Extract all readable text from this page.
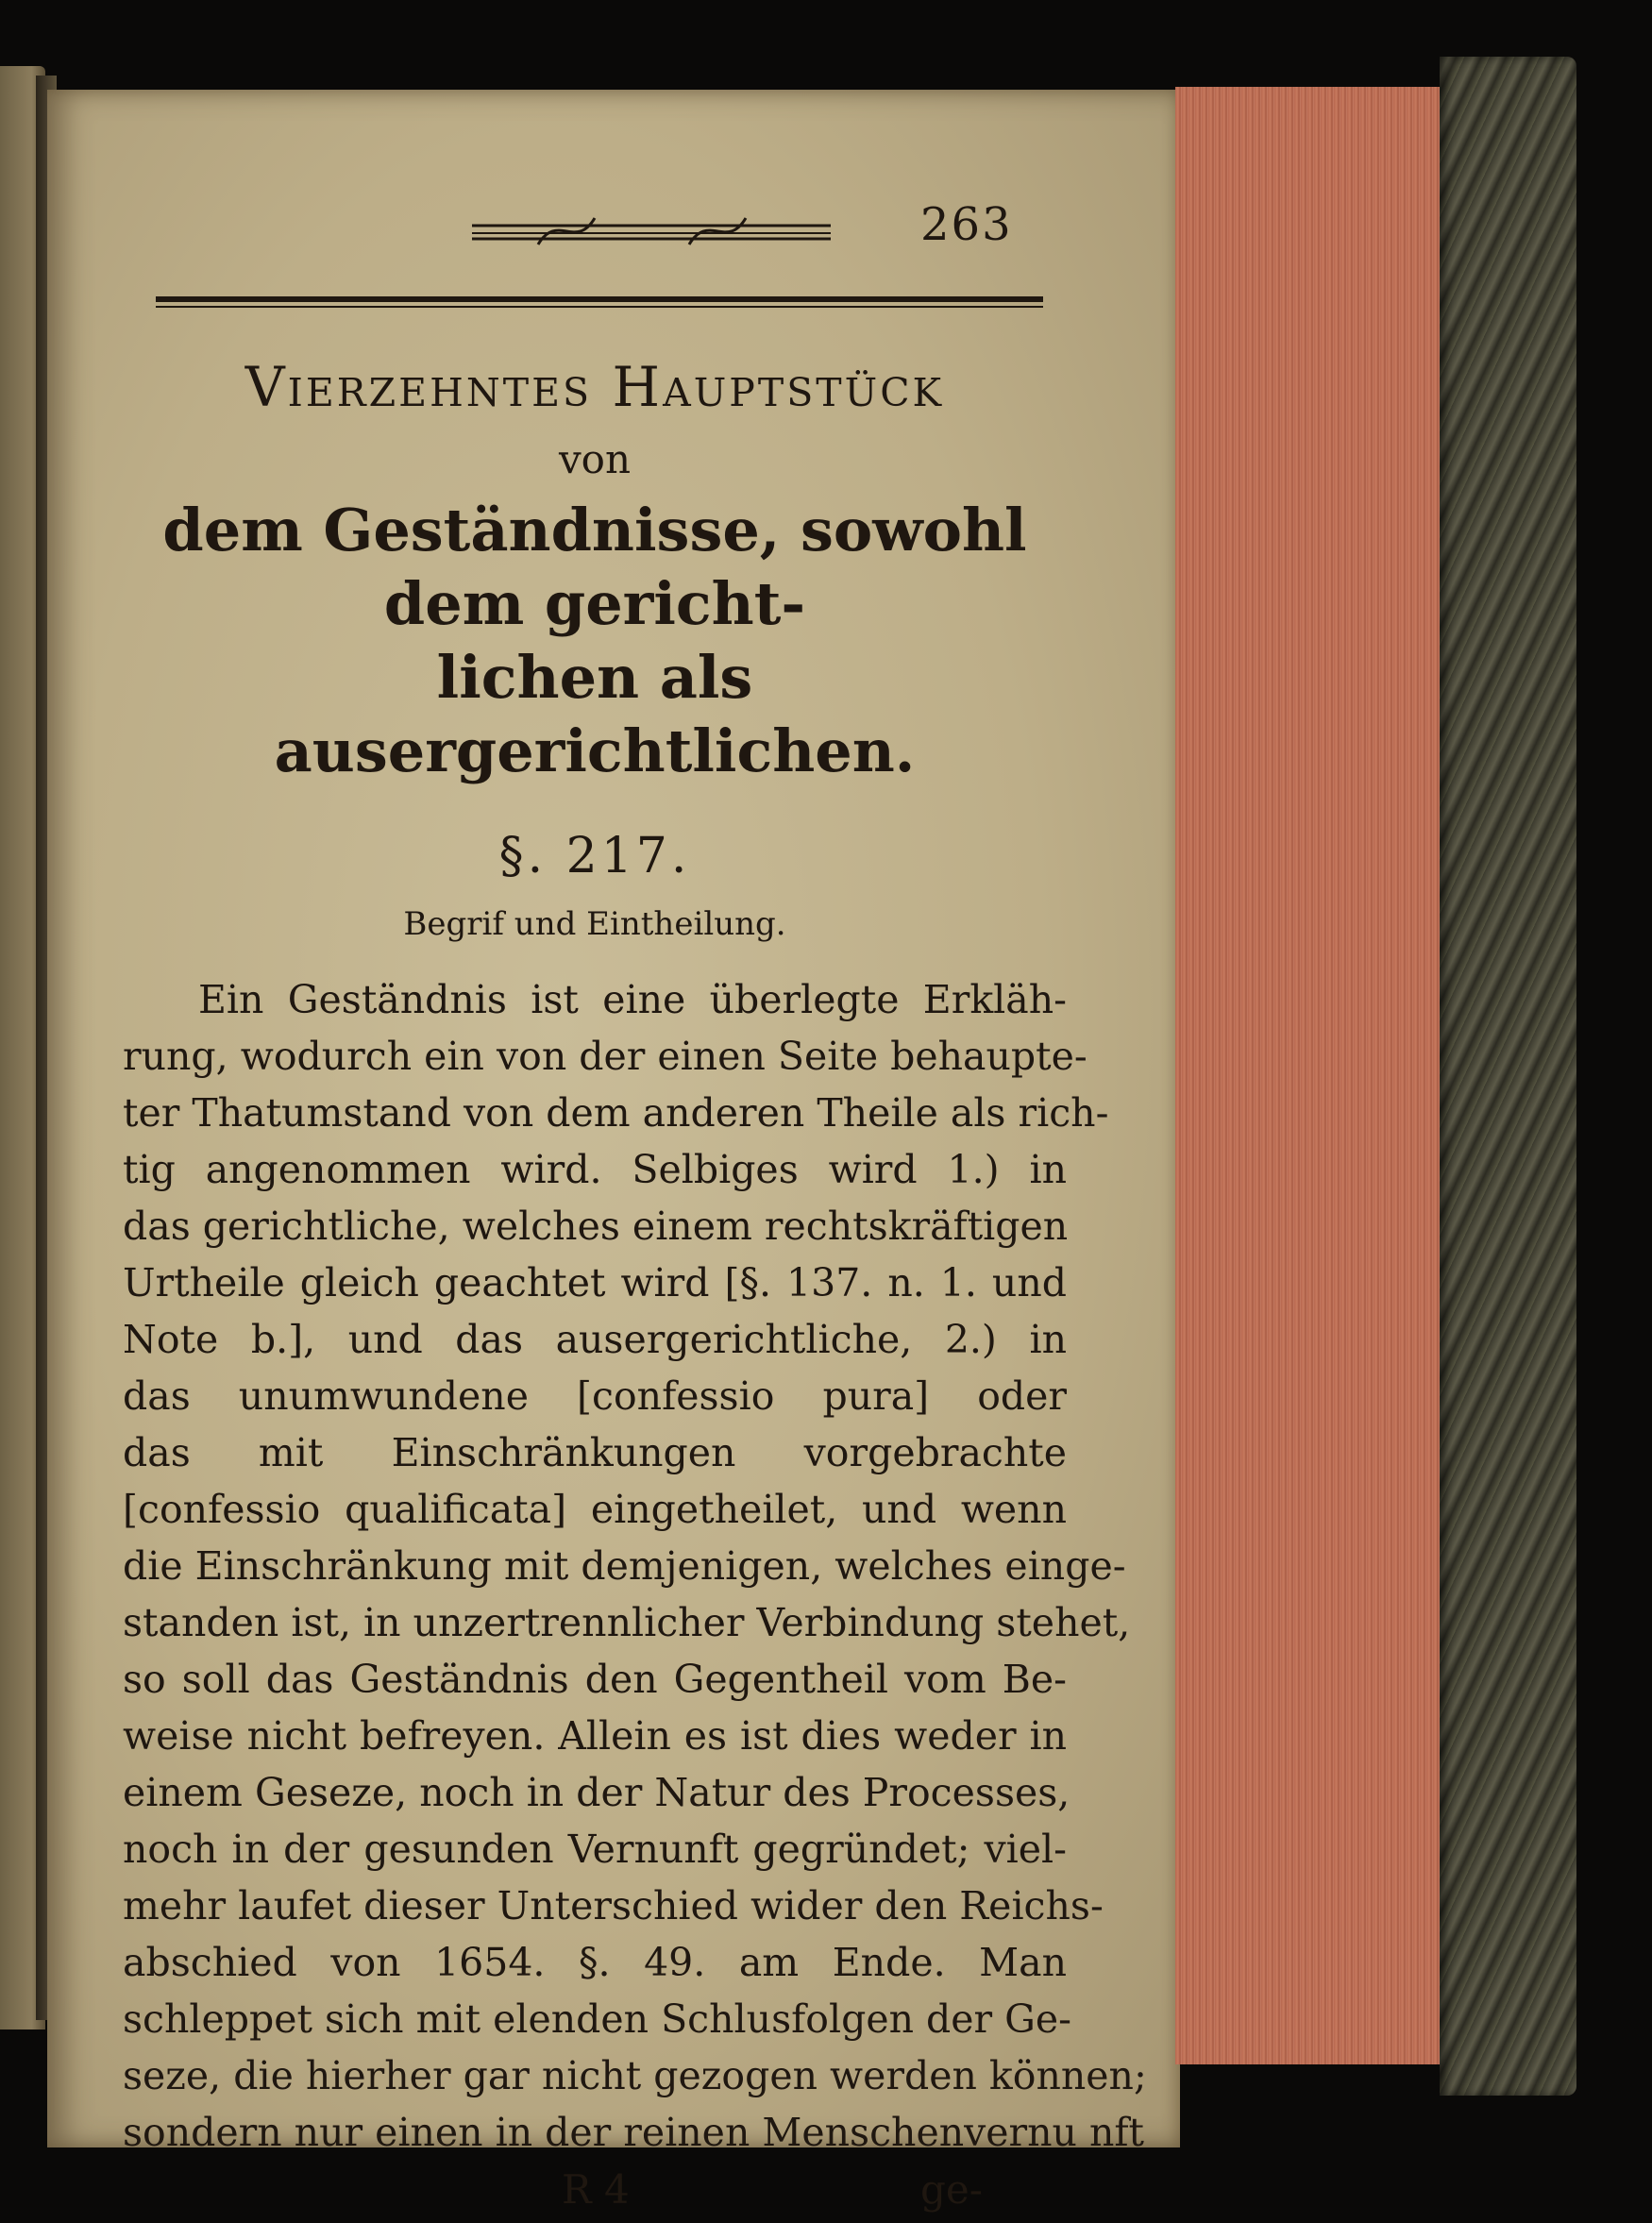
263
Vierzehntes Hauptstück
von
dem Geständnisse, sowohl dem gericht-
lichen als ausergerichtlichen.
§. 217.
Begrif und Eintheilung.
Ein Geständnis ist eine überlegte Erkläh-
rung, wodurch ein von der einen Seite behaupte-
ter Thatumstand von dem anderen Theile als rich-
tig angenommen wird. Selbiges wird 1.) in
das gerichtliche, welches einem rechtskräftigen
Urtheile gleich geachtet wird [§. 137. n. 1. und
Note b.], und das ausergerichtliche, 2.) in
das unumwundene [confessio pura] oder
das mit Einschränkungen vorgebrachte
[confessio qualificata] eingetheilet, und wenn
die Einschränkung mit demjenigen, welches einge-
standen ist, in unzertrennlicher Verbindung stehet,
so soll das Geständnis den Gegentheil vom Be-
weise nicht befreyen. Allein es ist dies weder in
einem Geseze, noch in der Natur des Processes,
noch in der gesunden Vernunft gegründet; viel-
mehr laufet dieser Unterschied wider den Reichs-
abschied von 1654. §. 49. am Ende. Man
schleppet sich mit elenden Schlusfolgen der Ge-
seze, die hierher gar nicht gezogen werden können;
sondern nur einen in der reinen Menschenvernu nft
R 4	ge-
